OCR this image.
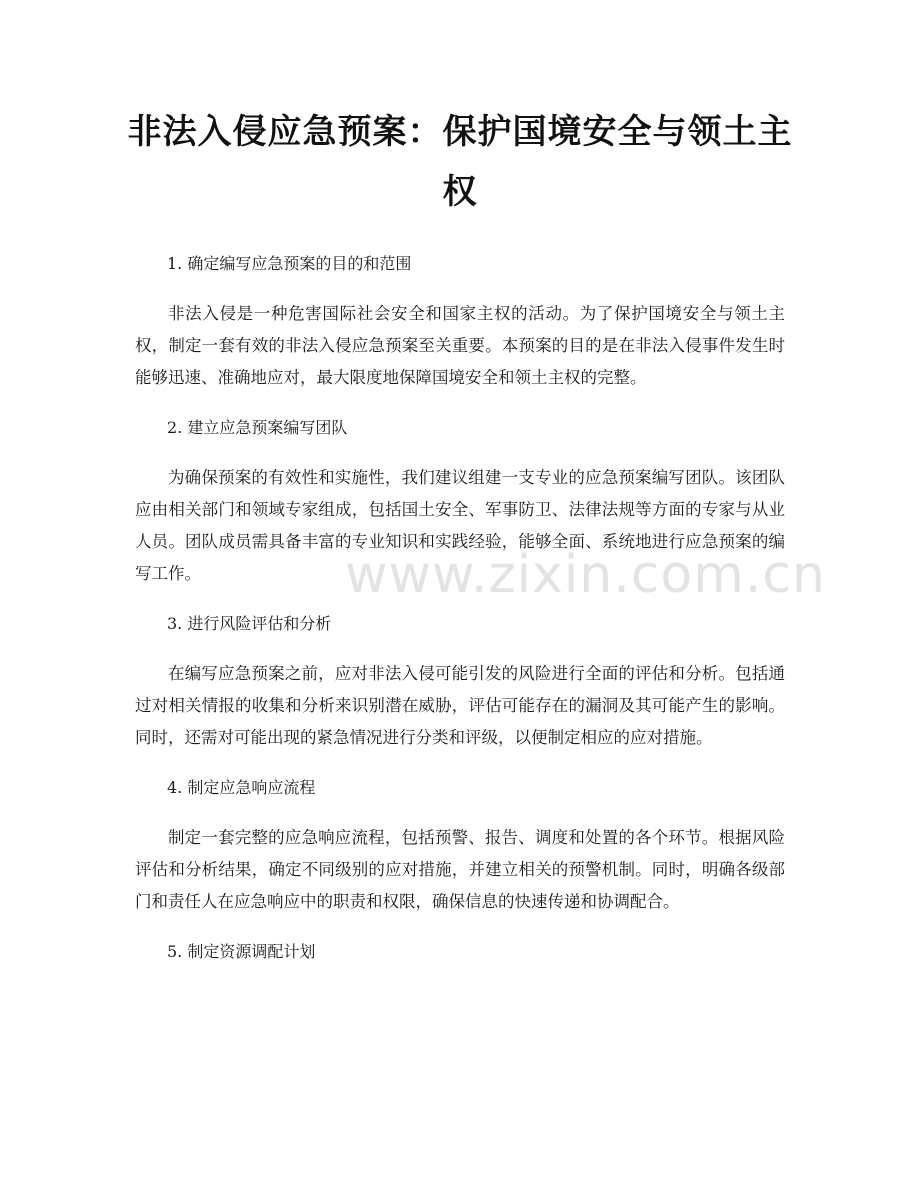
非法入侵应急预案：保护国境安全与领土主权

1. 确定编写应急预案的目的和范围

非法入侵是一种危害国际社会安全和国家主权的活动。为了保护国境安全与领土主权，制定一套有效的非法入侵应急预案至关重要。本预案的目的是在非法入侵事件发生时能够迅速、准确地应对，最大限度地保障国境安全和领土主权的完整。

2. 建立应急预案编写团队

为确保预案的有效性和实施性，我们建议组建一支专业的应急预案编写团队。该团队应由相关部门和领域专家组成，包括国土安全、军事防卫、法律法规等方面的专家与从业人员。团队成员需具备丰富的专业知识和实践经验，能够全面、系统地进行应急预案的编写工作。

3. 进行风险评估和分析

在编写应急预案之前，应对非法入侵可能引发的风险进行全面的评估和分析。包括通过对相关情报的收集和分析来识别潜在威胁，评估可能存在的漏洞及其可能产生的影响。同时，还需对可能出现的紧急情况进行分类和评级，以便制定相应的应对措施。

4. 制定应急响应流程

制定一套完整的应急响应流程，包括预警、报告、调度和处置的各个环节。根据风险评估和分析结果，确定不同级别的应对措施，并建立相关的预警机制。同时，明确各级部门和责任人在应急响应中的职责和权限，确保信息的快速传递和协调配合。

5. 制定资源调配计划

www.zixin.com.cn
